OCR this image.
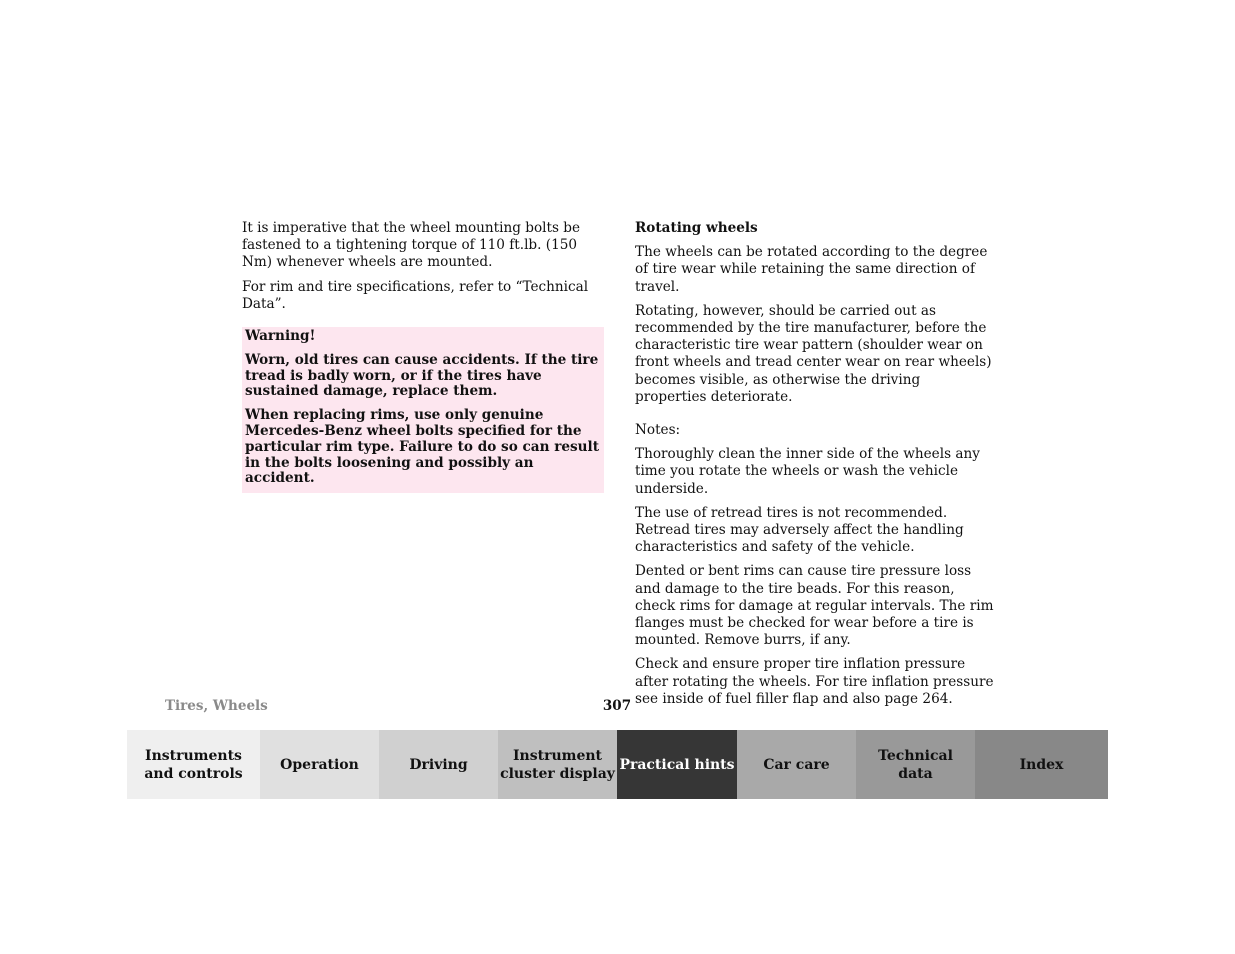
It is imperative that the wheel mounting bolts be fastened to a tightening torque of 110 ft.lb. (150 Nm) whenever wheels are mounted.

For rim and tire specifications, refer to “Technical Data”.

Warning!

Worn, old tires can cause accidents. If the tire tread is badly worn, or if the tires have sustained damage, replace them.

When replacing rims, use only genuine Mercedes-Benz wheel bolts specified for the particular rim type. Failure to do so can result in the bolts loosening and possibly an accident.

Rotating wheels

The wheels can be rotated according to the degree of tire wear while retaining the same direction of travel.

Rotating, however, should be carried out as recommended by the tire manufacturer, before the characteristic tire wear pattern (shoulder wear on front wheels and tread center wear on rear wheels) becomes visible, as otherwise the driving properties deteriorate.

Notes:

Thoroughly clean the inner side of the wheels any time you rotate the wheels or wash the vehicle underside.

The use of retread tires is not recommended. Retread tires may adversely affect the handling characteristics and safety of the vehicle.

Dented or bent rims can cause tire pressure loss and damage to the tire beads. For this reason, check rims for damage at regular intervals. The rim flanges must be checked for wear before a tire is mounted. Remove burrs, if any.

Check and ensure proper tire inflation pressure after rotating the wheels. For tire inflation pressure see inside of fuel filler flap and also page 264.

Tires, Wheels	307
Instruments
and controls
Operation	Driving
Instrument
cluster display
Practical hints Car care
Technical
data
Index
